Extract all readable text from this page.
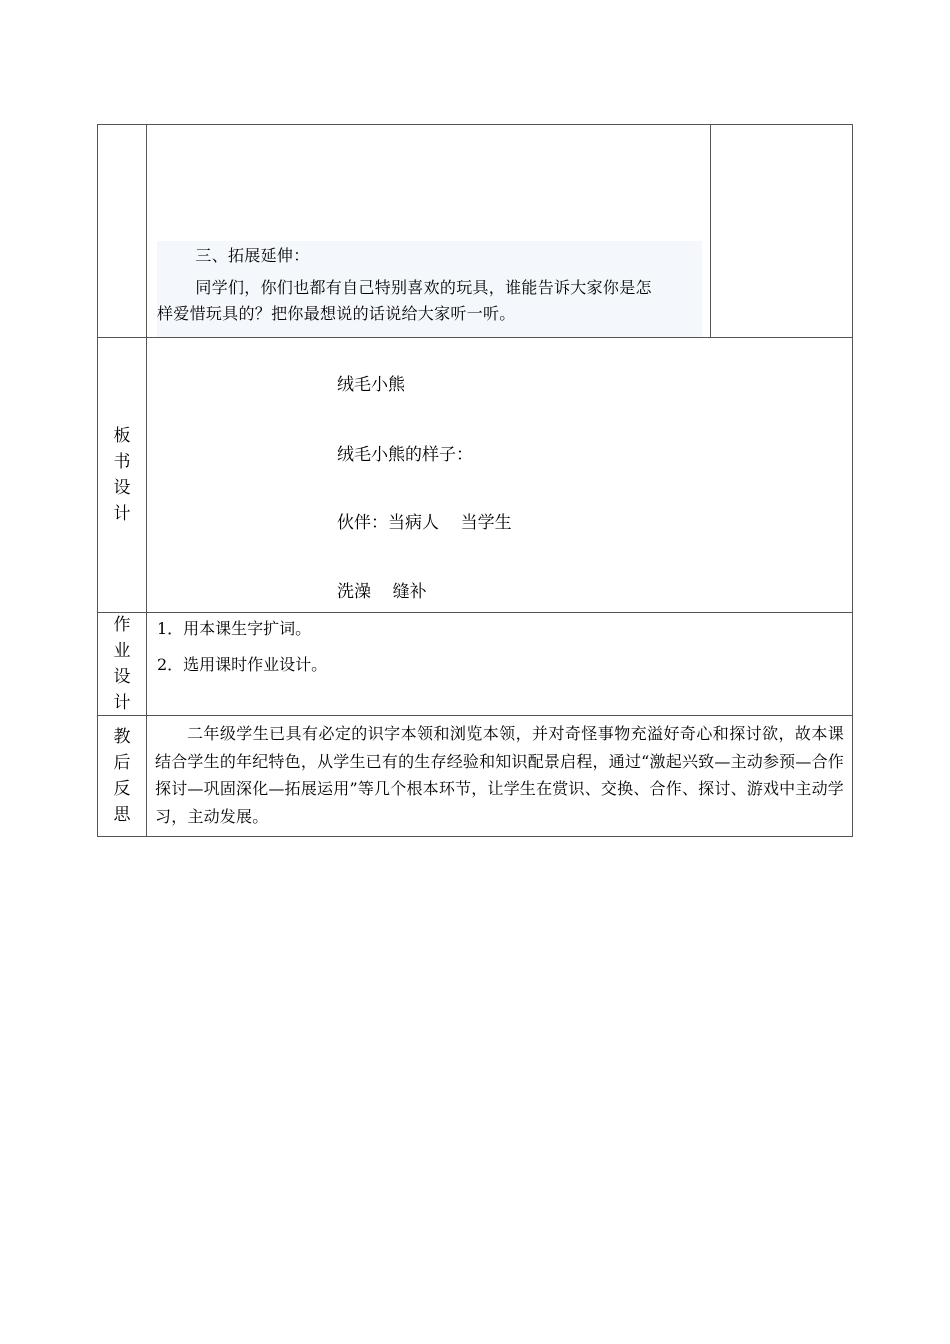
三、拓展延伸：
同学们，你们也都有自己特别喜欢的玩具，谁能告诉大家你是怎
样爱惜玩具的？把你最想说的话说给大家听一听。
板书设计
绒毛小熊
绒毛小熊的样子：
伙伴：当病人    当学生
洗澡    缝补
作业设计
1．用本课生字扩词。
2．选用课时作业设计。
教后反思
二年级学生已具有必定的识字本领和浏览本领，并对奇怪事物充溢好奇心和探讨欲，故本课结合学生的年纪特色，从学生已有的生存经验和知识配景启程，通过“激起兴致—主动参预—合作探讨—巩固深化—拓展运用”等几个根本环节，让学生在赏识、交换、合作、探讨、游戏中主动学习，主动发展。
